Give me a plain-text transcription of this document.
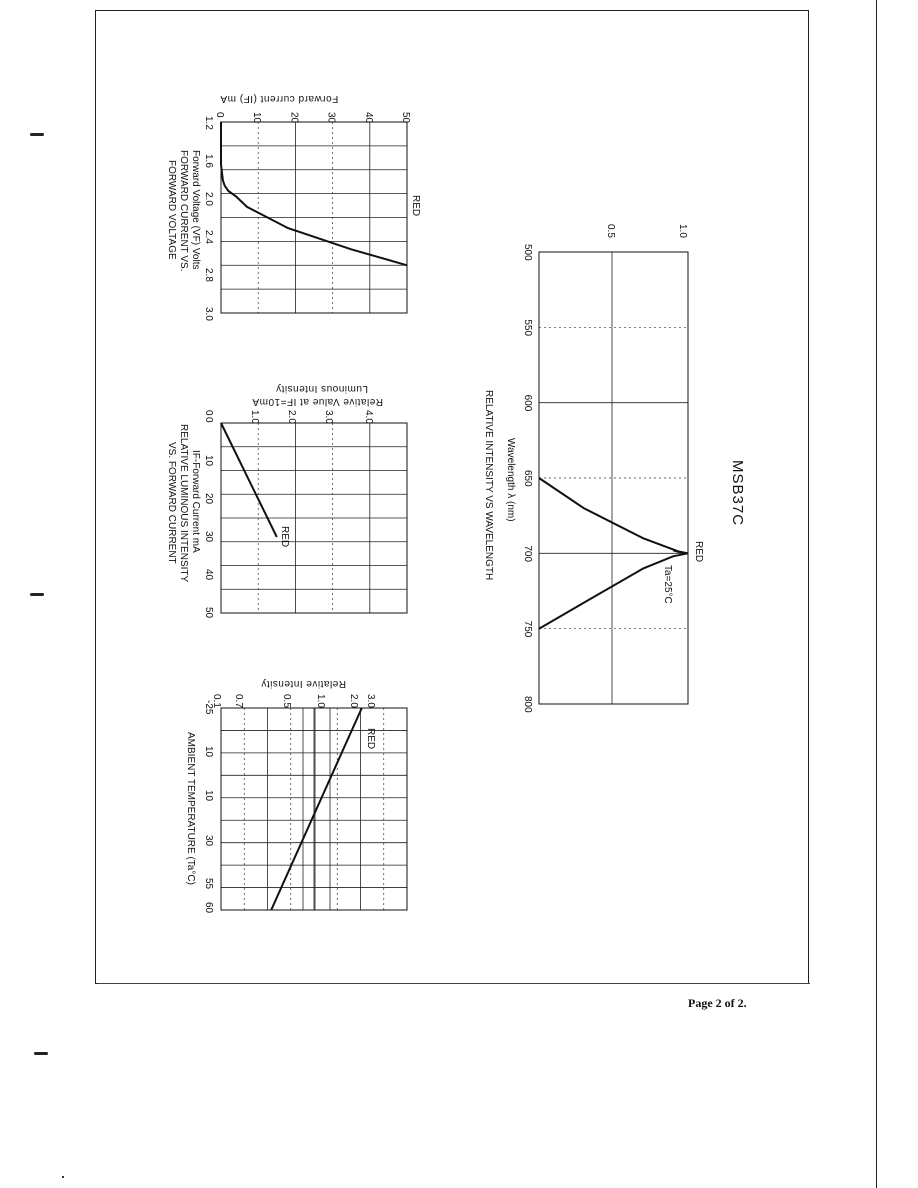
Page 2 of 2.
Forward current (IF) mA
0	10	20	30	40	50
1.2
1.6
2.0
2.4
2.8
3.0
Forward Voltage (VF) Volts
FORWARD CURRENT VS.
FORWARD VOLTAGE	RED
Luminous Intensity
Relative Value at IF=10mA
0	1.0	2.0	3.0	4.0
0
10
20
30
40
50
IF-Forward Current mA
RELATIVE LUMINOUS INTENSITY
VS. FORWARD CURRENT	RED
Relative Intensity
0.1 0.7	0.5 1.0 2.0 3.0
-25
10
10
30
55
60
AMBIENT TEMPERATURE (Ta°C)	RED
500
550
600
650
700
750
800
0.5	1.0
MSB37C
Wavelength λ (nm)
RELATIVE INTENSITY VS WAVELENGTH
Ta=25°C
RED
